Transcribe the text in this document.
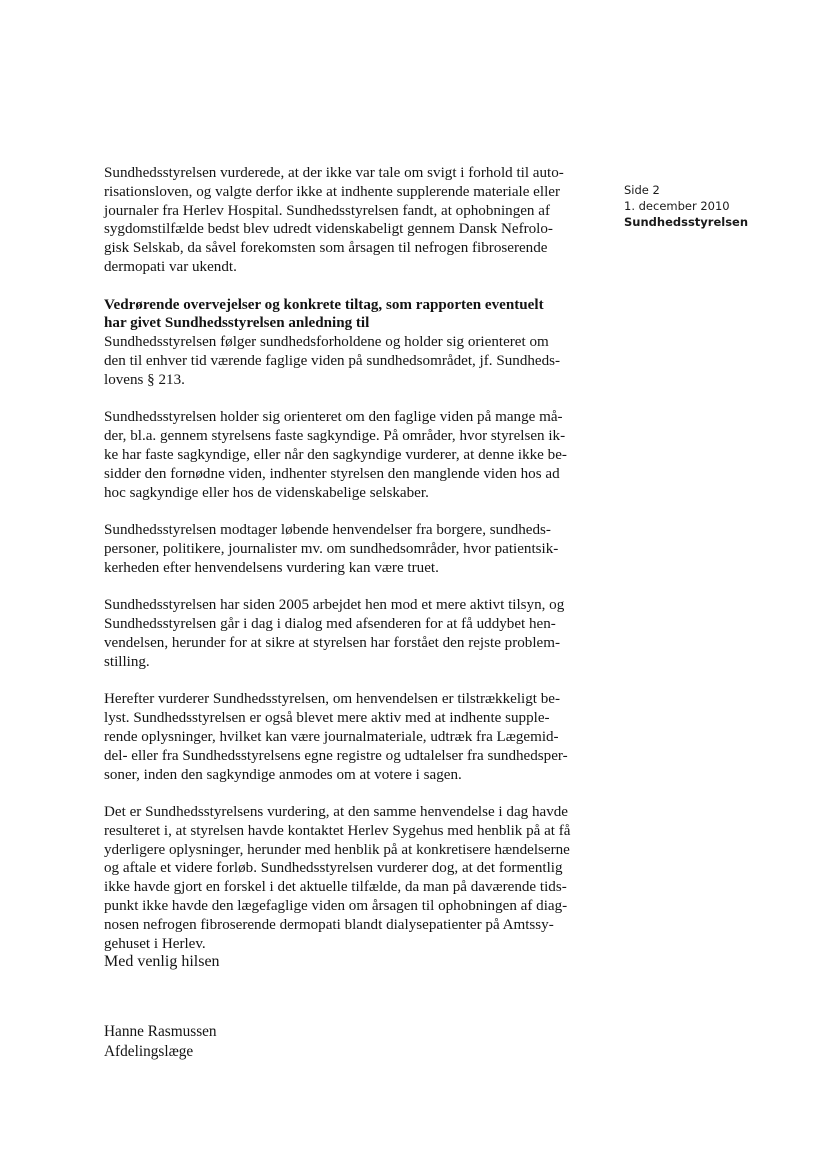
Side 2
1. december 2010
Sundhedsstyrelsen

Sundhedsstyrelsen vurderede, at der ikke var tale om svigt i forhold til auto-
risationsloven, og valgte derfor ikke at indhente supplerende materiale eller
journaler fra Herlev Hospital. Sundhedsstyrelsen fandt, at ophobningen af
sygdomstilfælde bedst blev udredt videnskabeligt gennem Dansk Nefrolo-
gisk Selskab, da såvel forekomsten som årsagen til nefrogen fibroserende
dermopati var ukendt.

Vedrørende overvejelser og konkrete tiltag, som rapporten eventuelt
har givet Sundhedsstyrelsen anledning til

Sundhedsstyrelsen følger sundhedsforholdene og holder sig orienteret om
den til enhver tid værende faglige viden på sundhedsområdet, jf. Sundheds-
lovens § 213.

Sundhedsstyrelsen holder sig orienteret om den faglige viden på mange må-
der, bl.a. gennem styrelsens faste sagkyndige. På områder, hvor styrelsen ik-
ke har faste sagkyndige, eller når den sagkyndige vurderer, at denne ikke be-
sidder den fornødne viden, indhenter styrelsen den manglende viden hos ad
hoc sagkyndige eller hos de videnskabelige selskaber.

Sundhedsstyrelsen modtager løbende henvendelser fra borgere, sundheds-
personer, politikere, journalister mv. om sundhedsområder, hvor patientsik-
kerheden efter henvendelsens vurdering kan være truet.

Sundhedsstyrelsen har siden 2005 arbejdet hen mod et mere aktivt tilsyn, og
Sundhedsstyrelsen går i dag i dialog med afsenderen for at få uddybet hen-
vendelsen, herunder for at sikre at styrelsen har forstået den rejste problem-
stilling.

Herefter vurderer Sundhedsstyrelsen, om henvendelsen er tilstrækkeligt be-
lyst. Sundhedsstyrelsen er også blevet mere aktiv med at indhente supple-
rende oplysninger, hvilket kan være journalmateriale, udtræk fra Lægemid-
del- eller fra Sundhedsstyrelsens egne registre og udtalelser fra sundhedsper-
soner, inden den sagkyndige anmodes om at votere i sagen.

Det er Sundhedsstyrelsens vurdering, at den samme henvendelse i dag havde
resulteret i, at styrelsen havde kontaktet Herlev Sygehus med henblik på at få
yderligere oplysninger, herunder med henblik på at konkretisere hændelserne
og aftale et videre forløb. Sundhedsstyrelsen vurderer dog, at det formentlig
ikke havde gjort en forskel i det aktuelle tilfælde, da man på daværende tids-
punkt ikke havde den lægefaglige viden om årsagen til ophobningen af diag-
nosen nefrogen fibroserende dermopati blandt dialysepatienter på Amtssy-
gehuset i Herlev.

Med venlig hilsen
Hanne Rasmussen
Afdelingslæge
